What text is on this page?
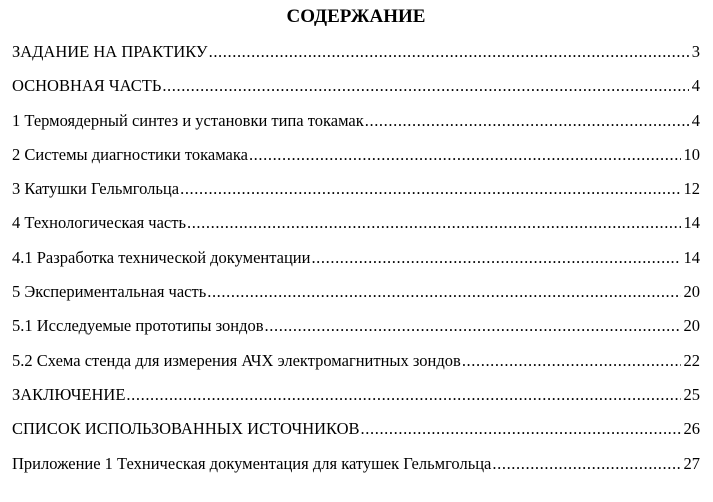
СОДЕРЖАНИЕ
ЗАДАНИЕ НА ПРАКТИКУ .....	3
ОСНОВНАЯ ЧАСТЬ .....	4
1 Термоядерный синтез и установки типа токамак .....	4
2 Системы диагностики токамака .....	10
3 Катушки Гельмгольца .....	12
4 Технологическая часть .....	14
4.1 Разработка технической документации .....	14
5 Экспериментальная часть .....	20
5.1 Исследуемые прототипы зондов .....	20
5.2 Схема стенда для измерения АЧХ электромагнитных зондов .....	22
ЗАКЛЮЧЕНИЕ .....	25
СПИСОК ИСПОЛЬЗОВАННЫХ ИСТОЧНИКОВ .....	26
Приложение 1 Техническая документация для катушек Гельмгольца .....	27
